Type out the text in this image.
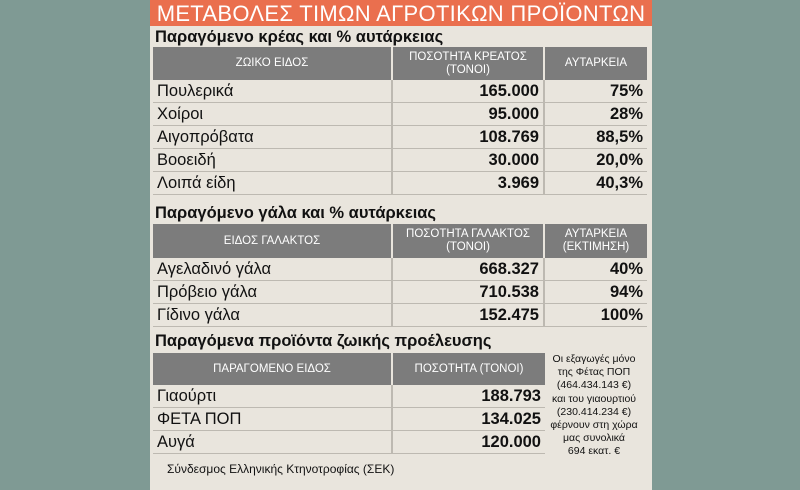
ΜΕΤΑΒΟΛΕΣ ΤΙΜΩΝ ΑΓΡΟΤΙΚΩΝ ΠΡΟΪΟΝΤΩΝ
Παραγόμενο κρέας και % αυτάρκειας
ΖΩΙΚΟ ΕΙΔΟΣ	ΠΟΣΟΤΗΤΑ ΚΡΕΑΤΟΣ (ΤΟΝΟΙ)	ΑΥΤΑΡΚΕΙΑ
Πουλερικά	165.000	75%
Χοίροι	95.000	28%
Αιγοπρόβατα	108.769	88,5%
Βοοειδή	30.000	20,0%
Λοιπά είδη	3.969	40,3%
Παραγόμενο γάλα και % αυτάρκειας
ΕΙΔΟΣ ΓΑΛΑΚΤΟΣ	ΠΟΣΟΤΗΤΑ ΓΑΛΑΚΤΟΣ (ΤΟΝΟΙ)	ΑΥΤΑΡΚΕΙΑ (ΕΚΤΙΜΗΣΗ)
Αγελαδινό γάλα	668.327	40%
Πρόβειο γάλα	710.538	94%
Γίδινο γάλα	152.475	100%
Παραγόμενα προϊόντα ζωικής προέλευσης
ΠΑΡΑΓΟΜΕΝΟ ΕΙΔΟΣ	ΠΟΣΟΤΗΤΑ (ΤΟΝΟΙ)
Γιαούρτι	188.793
ΦΕΤΑ ΠΟΠ	134.025
Αυγά	120.000
Οι εξαγωγές μόνο
της Φέτας ΠΟΠ
(464.434.143 €)
και του γιαουρτιού
(230.414.234 €)
φέρνουν στη χώρα
μας συνολικά
694 εκατ. €
Σύνδεσμος Ελληνικής Κτηνοτροφίας (ΣΕΚ)
